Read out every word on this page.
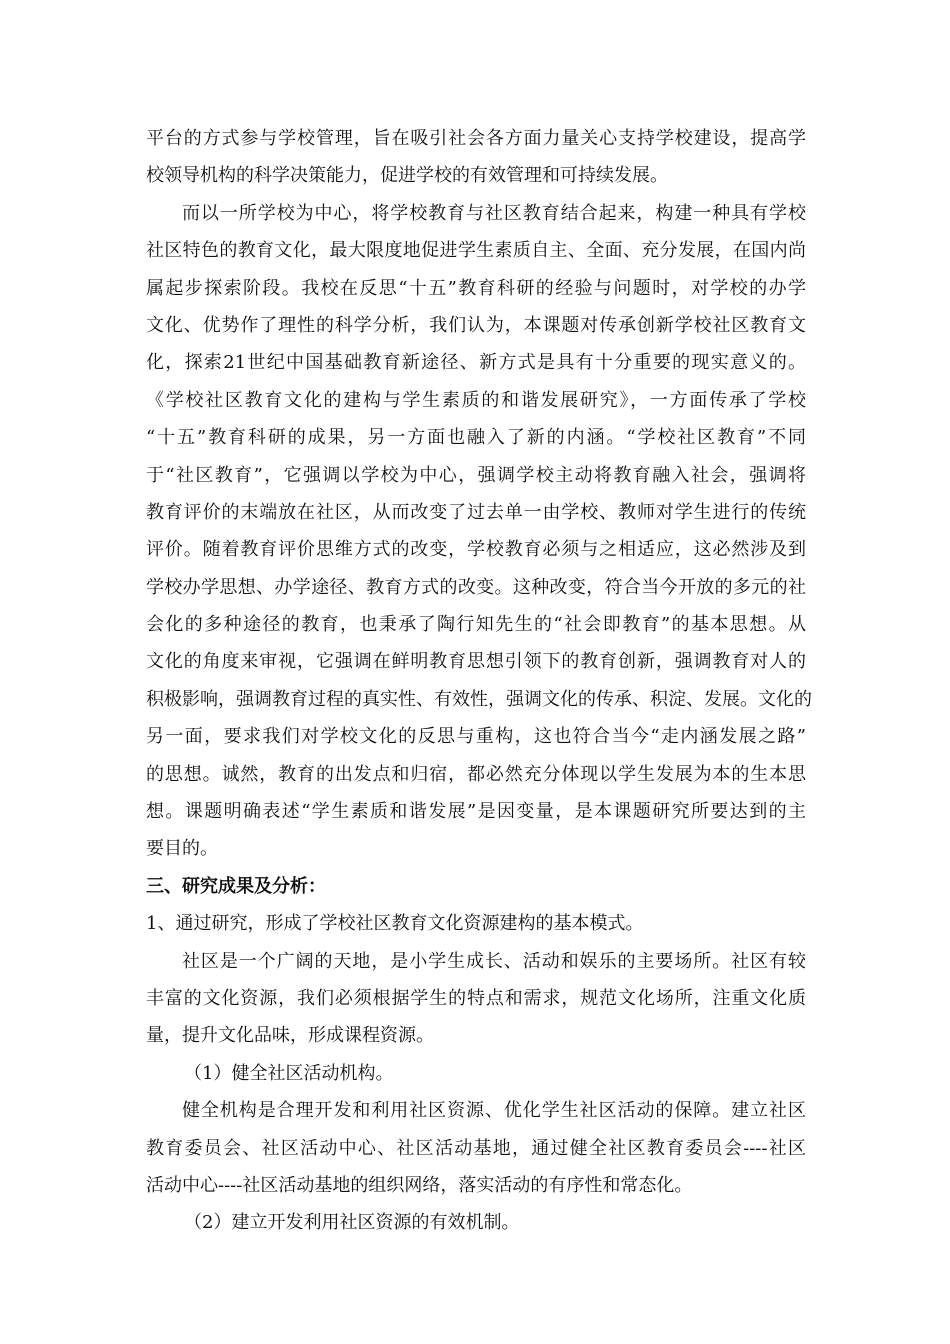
平台的方式参与学校管理，旨在吸引社会各方面力量关心支持学校建设，提高学
校领导机构的科学决策能力，促进学校的有效管理和可持续发展。
而以一所学校为中心，将学校教育与社区教育结合起来，构建一种具有学校
社区特色的教育文化，最大限度地促进学生素质自主、全面、充分发展，在国内尚
属起步探索阶段。我校在反思“十五”教育科研的经验与问题时，对学校的办学
文化、优势作了理性的科学分析，我们认为，本课题对传承创新学校社区教育文
化，探索21世纪中国基础教育新途径、新方式是具有十分重要的现实意义的。
《学校社区教育文化的建构与学生素质的和谐发展研究》，一方面传承了学校
“十五”教育科研的成果，另一方面也融入了新的内涵。“学校社区教育”不同
于“社区教育”，它强调以学校为中心，强调学校主动将教育融入社会，强调将
教育评价的末端放在社区，从而改变了过去单一由学校、教师对学生进行的传统
评价。随着教育评价思维方式的改变，学校教育必须与之相适应，这必然涉及到
学校办学思想、办学途径、教育方式的改变。这种改变，符合当今开放的多元的社
会化的多种途径的教育，也秉承了陶行知先生的“社会即教育”的基本思想。从
文化的角度来审视，它强调在鲜明教育思想引领下的教育创新，强调教育对人的
积极影响，强调教育过程的真实性、有效性，强调文化的传承、积淀、发展。文化的
另一面，要求我们对学校文化的反思与重构，这也符合当今“走内涵发展之路”
的思想。诚然，教育的出发点和归宿，都必然充分体现以学生发展为本的生本思
想。课题明确表述“学生素质和谐发展”是因变量，是本课题研究所要达到的主
要目的。
三、研究成果及分析：
1、通过研究，形成了学校社区教育文化资源建构的基本模式。
社区是一个广阔的天地，是小学生成长、活动和娱乐的主要场所。社区有较
丰富的文化资源，我们必须根据学生的特点和需求，规范文化场所，注重文化质
量，提升文化品味，形成课程资源。
（1）健全社区活动机构。
健全机构是合理开发和利用社区资源、优化学生社区活动的保障。建立社区
教育委员会、社区活动中心、社区活动基地，通过健全社区教育委员会----社区
活动中心----社区活动基地的组织网络，落实活动的有序性和常态化。
（2）建立开发利用社区资源的有效机制。
